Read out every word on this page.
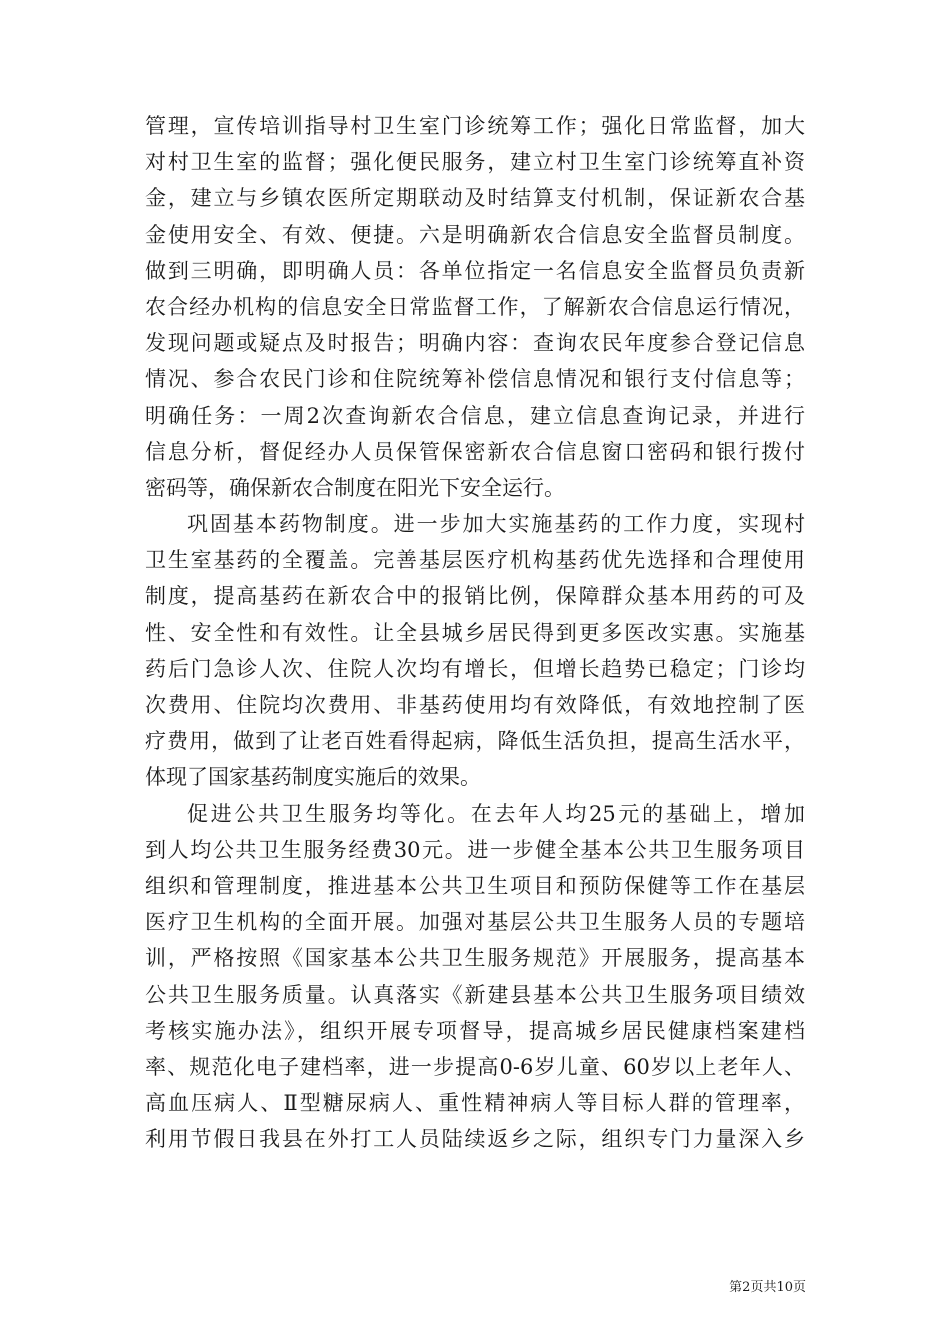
管理，宣传培训指导村卫生室门诊统筹工作；强化日常监督，加大
对村卫生室的监督；强化便民服务，建立村卫生室门诊统筹直补资
金，建立与乡镇农医所定期联动及时结算支付机制，保证新农合基
金使用安全、有效、便捷。六是明确新农合信息安全监督员制度。
做到三明确，即明确人员：各单位指定一名信息安全监督员负责新
农合经办机构的信息安全日常监督工作，了解新农合信息运行情况，
发现问题或疑点及时报告；明确内容：查询农民年度参合登记信息
情况、参合农民门诊和住院统筹补偿信息情况和银行支付信息等；
明确任务：一周2次查询新农合信息，建立信息查询记录，并进行
信息分析，督促经办人员保管保密新农合信息窗口密码和银行拨付
密码等，确保新农合制度在阳光下安全运行。
巩固基本药物制度。进一步加大实施基药的工作力度，实现村
卫生室基药的全覆盖。完善基层医疗机构基药优先选择和合理使用
制度，提高基药在新农合中的报销比例，保障群众基本用药的可及
性、安全性和有效性。让全县城乡居民得到更多医改实惠。实施基
药后门急诊人次、住院人次均有增长，但增长趋势已稳定；门诊均
次费用、住院均次费用、非基药使用均有效降低，有效地控制了医
疗费用，做到了让老百姓看得起病，降低生活负担，提高生活水平，
体现了国家基药制度实施后的效果。
促进公共卫生服务均等化。在去年人均25元的基础上，增加
到人均公共卫生服务经费30元。进一步健全基本公共卫生服务项目
组织和管理制度，推进基本公共卫生项目和预防保健等工作在基层
医疗卫生机构的全面开展。加强对基层公共卫生服务人员的专题培
训，严格按照《国家基本公共卫生服务规范》开展服务，提高基本
公共卫生服务质量。认真落实《新建县基本公共卫生服务项目绩效
考核实施办法》，组织开展专项督导，提高城乡居民健康档案建档
率、规范化电子建档率，进一步提高0-6岁儿童、60岁以上老年人、
高血压病人、Ⅱ型糖尿病人、重性精神病人等目标人群的管理率，
利用节假日我县在外打工人员陆续返乡之际，组织专门力量深入乡
第2页共10页
